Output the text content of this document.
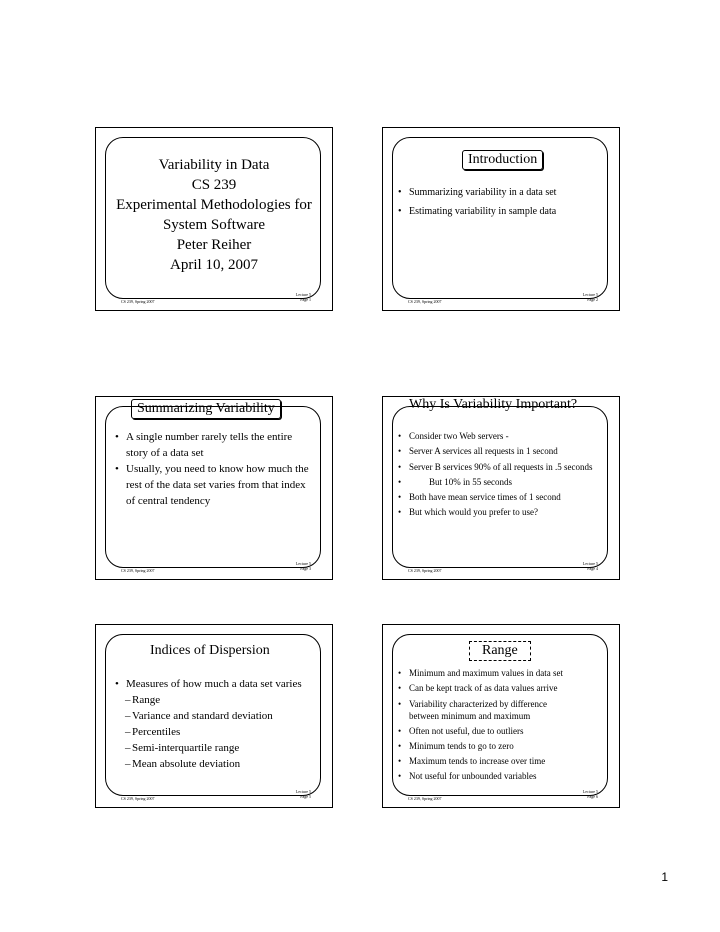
Variability in Data
CS 239
Experimental Methodologies for
System Software
Peter Reiher
April 10, 2007
CS 239, Spring 2007
Lecture 5
Page 1
Introduction
• Summarizing variability in a data set
• Estimating variability in sample data
CS 239, Spring 2007
Lecture 5
Page 2
Summarizing Variability
• A single number rarely tells the entire story of a data set
• Usually, you need to know how much the rest of the data set varies from that index of central tendency
CS 239, Spring 2007
Lecture 5
Page 3
Why Is Variability Important?
• Consider two Web servers -
• Server A services all requests in 1 second
• Server B services 90% of all requests in .5 seconds
• But 10% in 55 seconds
• Both have mean service times of 1 second
• But which would you prefer to use?
CS 239, Spring 2007
Lecture 5
Page 4
Indices of Dispersion
• Measures of how much a data set varies
– Range
– Variance and standard deviation
– Percentiles
– Semi-interquartile range
– Mean absolute deviation
CS 239, Spring 2007
Lecture 5
Page 5
Range
• Minimum and maximum values in data set
• Can be kept track of as data values arrive
• Variability characterized by difference between minimum and maximum
• Often not useful, due to outliers
• Minimum tends to go to zero
• Maximum tends to increase over time
• Not useful for unbounded variables
CS 239, Spring 2007
Lecture 5
Page 6
1
